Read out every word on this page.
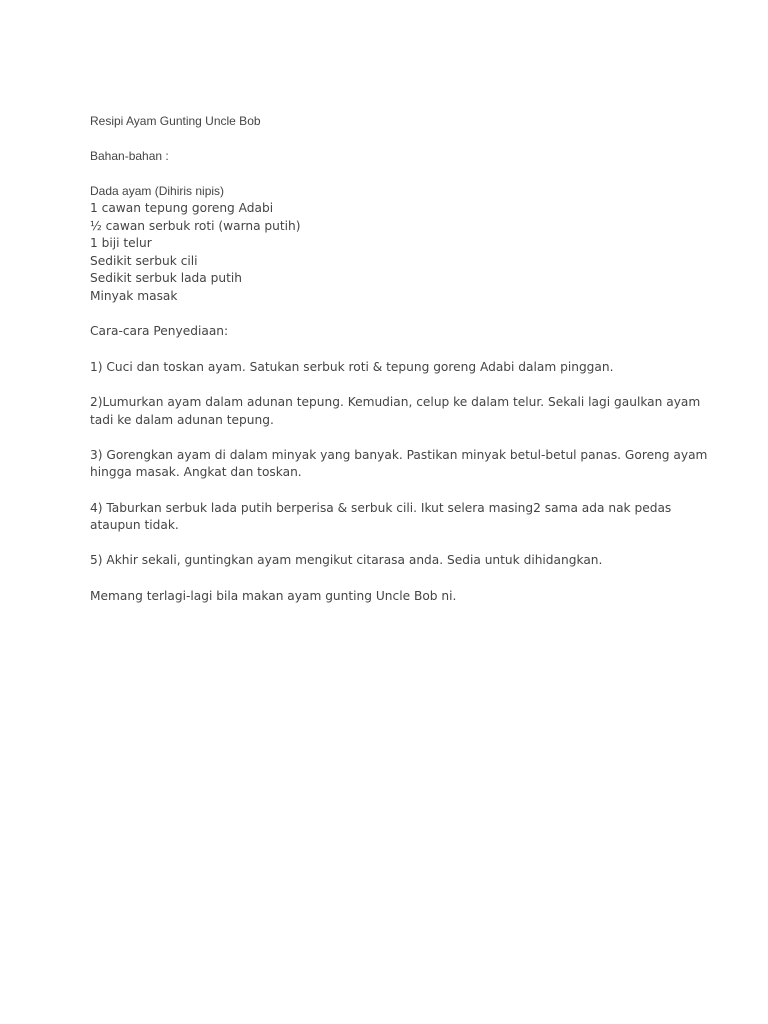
Resipi Ayam Gunting Uncle Bob
Bahan-bahan :
Dada ayam (Dihiris nipis)
1 cawan tepung goreng Adabi
½ cawan serbuk roti (warna putih)
1 biji telur
Sedikit serbuk cili
Sedikit serbuk lada putih
Minyak masak
Cara-cara Penyediaan:
1) Cuci dan toskan ayam. Satukan serbuk roti & tepung goreng Adabi dalam pinggan.
2)Lumurkan ayam dalam adunan tepung. Kemudian, celup ke dalam telur. Sekali lagi gaulkan ayam
tadi ke dalam adunan tepung.
3) Gorengkan ayam di dalam minyak yang banyak. Pastikan minyak betul-betul panas. Goreng ayam
hingga masak. Angkat dan toskan.
4) Taburkan serbuk lada putih berperisa & serbuk cili. Ikut selera masing2 sama ada nak pedas
ataupun tidak.
5) Akhir sekali, guntingkan ayam mengikut citarasa anda. Sedia untuk dihidangkan.
Memang terlagi-lagi bila makan ayam gunting Uncle Bob ni.
